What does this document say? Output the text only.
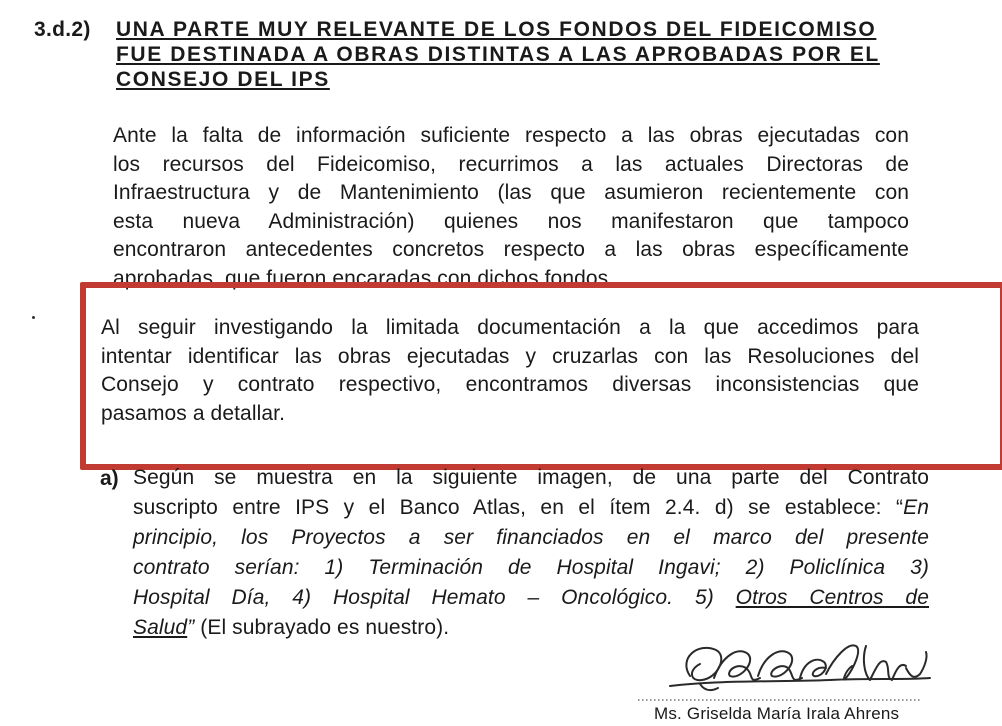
3.d.2) UNA PARTE MUY RELEVANTE DE LOS FONDOS DEL FIDEICOMISO
FUE DESTINADA A OBRAS DISTINTAS A LAS APROBADAS POR EL
CONSEJO DEL IPS
Ante la falta de información suficiente respecto a las obras ejecutadas con
los recursos del Fideicomiso, recurrimos a las actuales Directoras de
Infraestructura y de Mantenimiento (las que asumieron recientemente con
esta nueva Administración) quienes nos manifestaron que tampoco
encontraron antecedentes concretos respecto a las obras específicamente
aprobadas, que fueron encaradas con dichos fondos.
Al seguir investigando la limitada documentación a la que accedimos para
intentar identificar las obras ejecutadas y cruzarlas con las Resoluciones del
Consejo y contrato respectivo, encontramos diversas inconsistencias que
pasamos a detallar.
a) Según se muestra en la siguiente imagen, de una parte del Contrato
suscripto entre IPS y el Banco Atlas, en el ítem 2.4. d) se establece: “En
principio, los Proyectos a ser financiados en el marco del presente
contrato serían: 1) Terminación de Hospital Ingavi; 2) Policlínica 3)
Hospital Día, 4) Hospital Hemato – Oncológico. 5) Otros Centros de
Salud” (El subrayado es nuestro).
Ms. Griselda María Irala Ahrens
